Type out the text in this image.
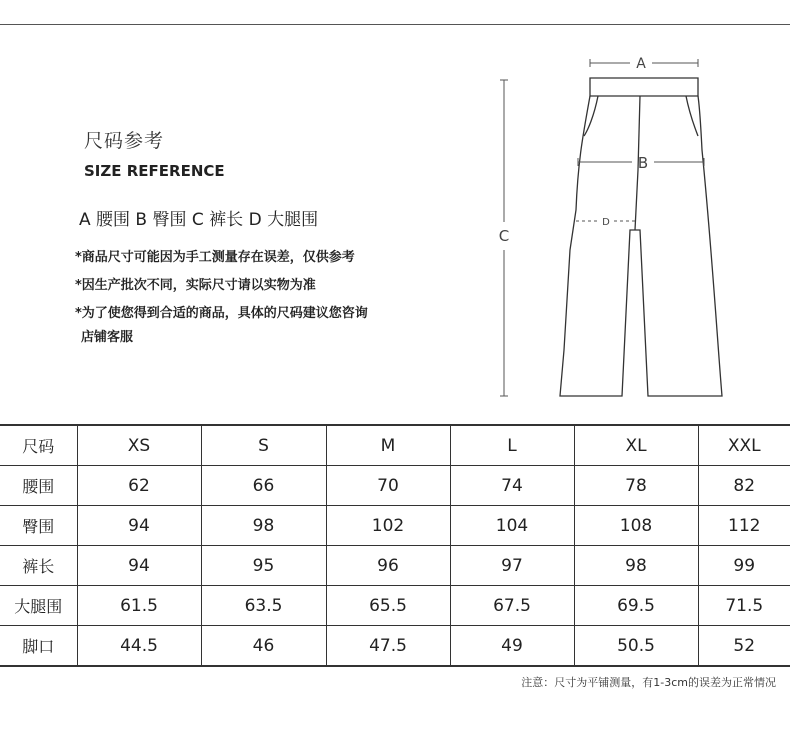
尺码参考
SIZE REFERENCE
A 腰围 B 臀围 C 裤长 D 大腿围
*商品尺寸可能因为手工测量存在误差，仅供参考
*因生产批次不同，实际尺寸请以实物为准
*为了使您得到合适的商品，具体的尺码建议您咨询
店铺客服
A
B
D
C
尺码	XS	S	M	L	XL	XXL
腰围	62	66	70	74	78	82
臀围	94	98	102	104	108	112
裤长	94	95	96	97	98	99
大腿围	61.5	63.5	65.5	67.5	69.5	71.5
脚口	44.5	46	47.5	49	50.5	52
注意：尺寸为平铺测量，有1-3cm的误差为正常情况
